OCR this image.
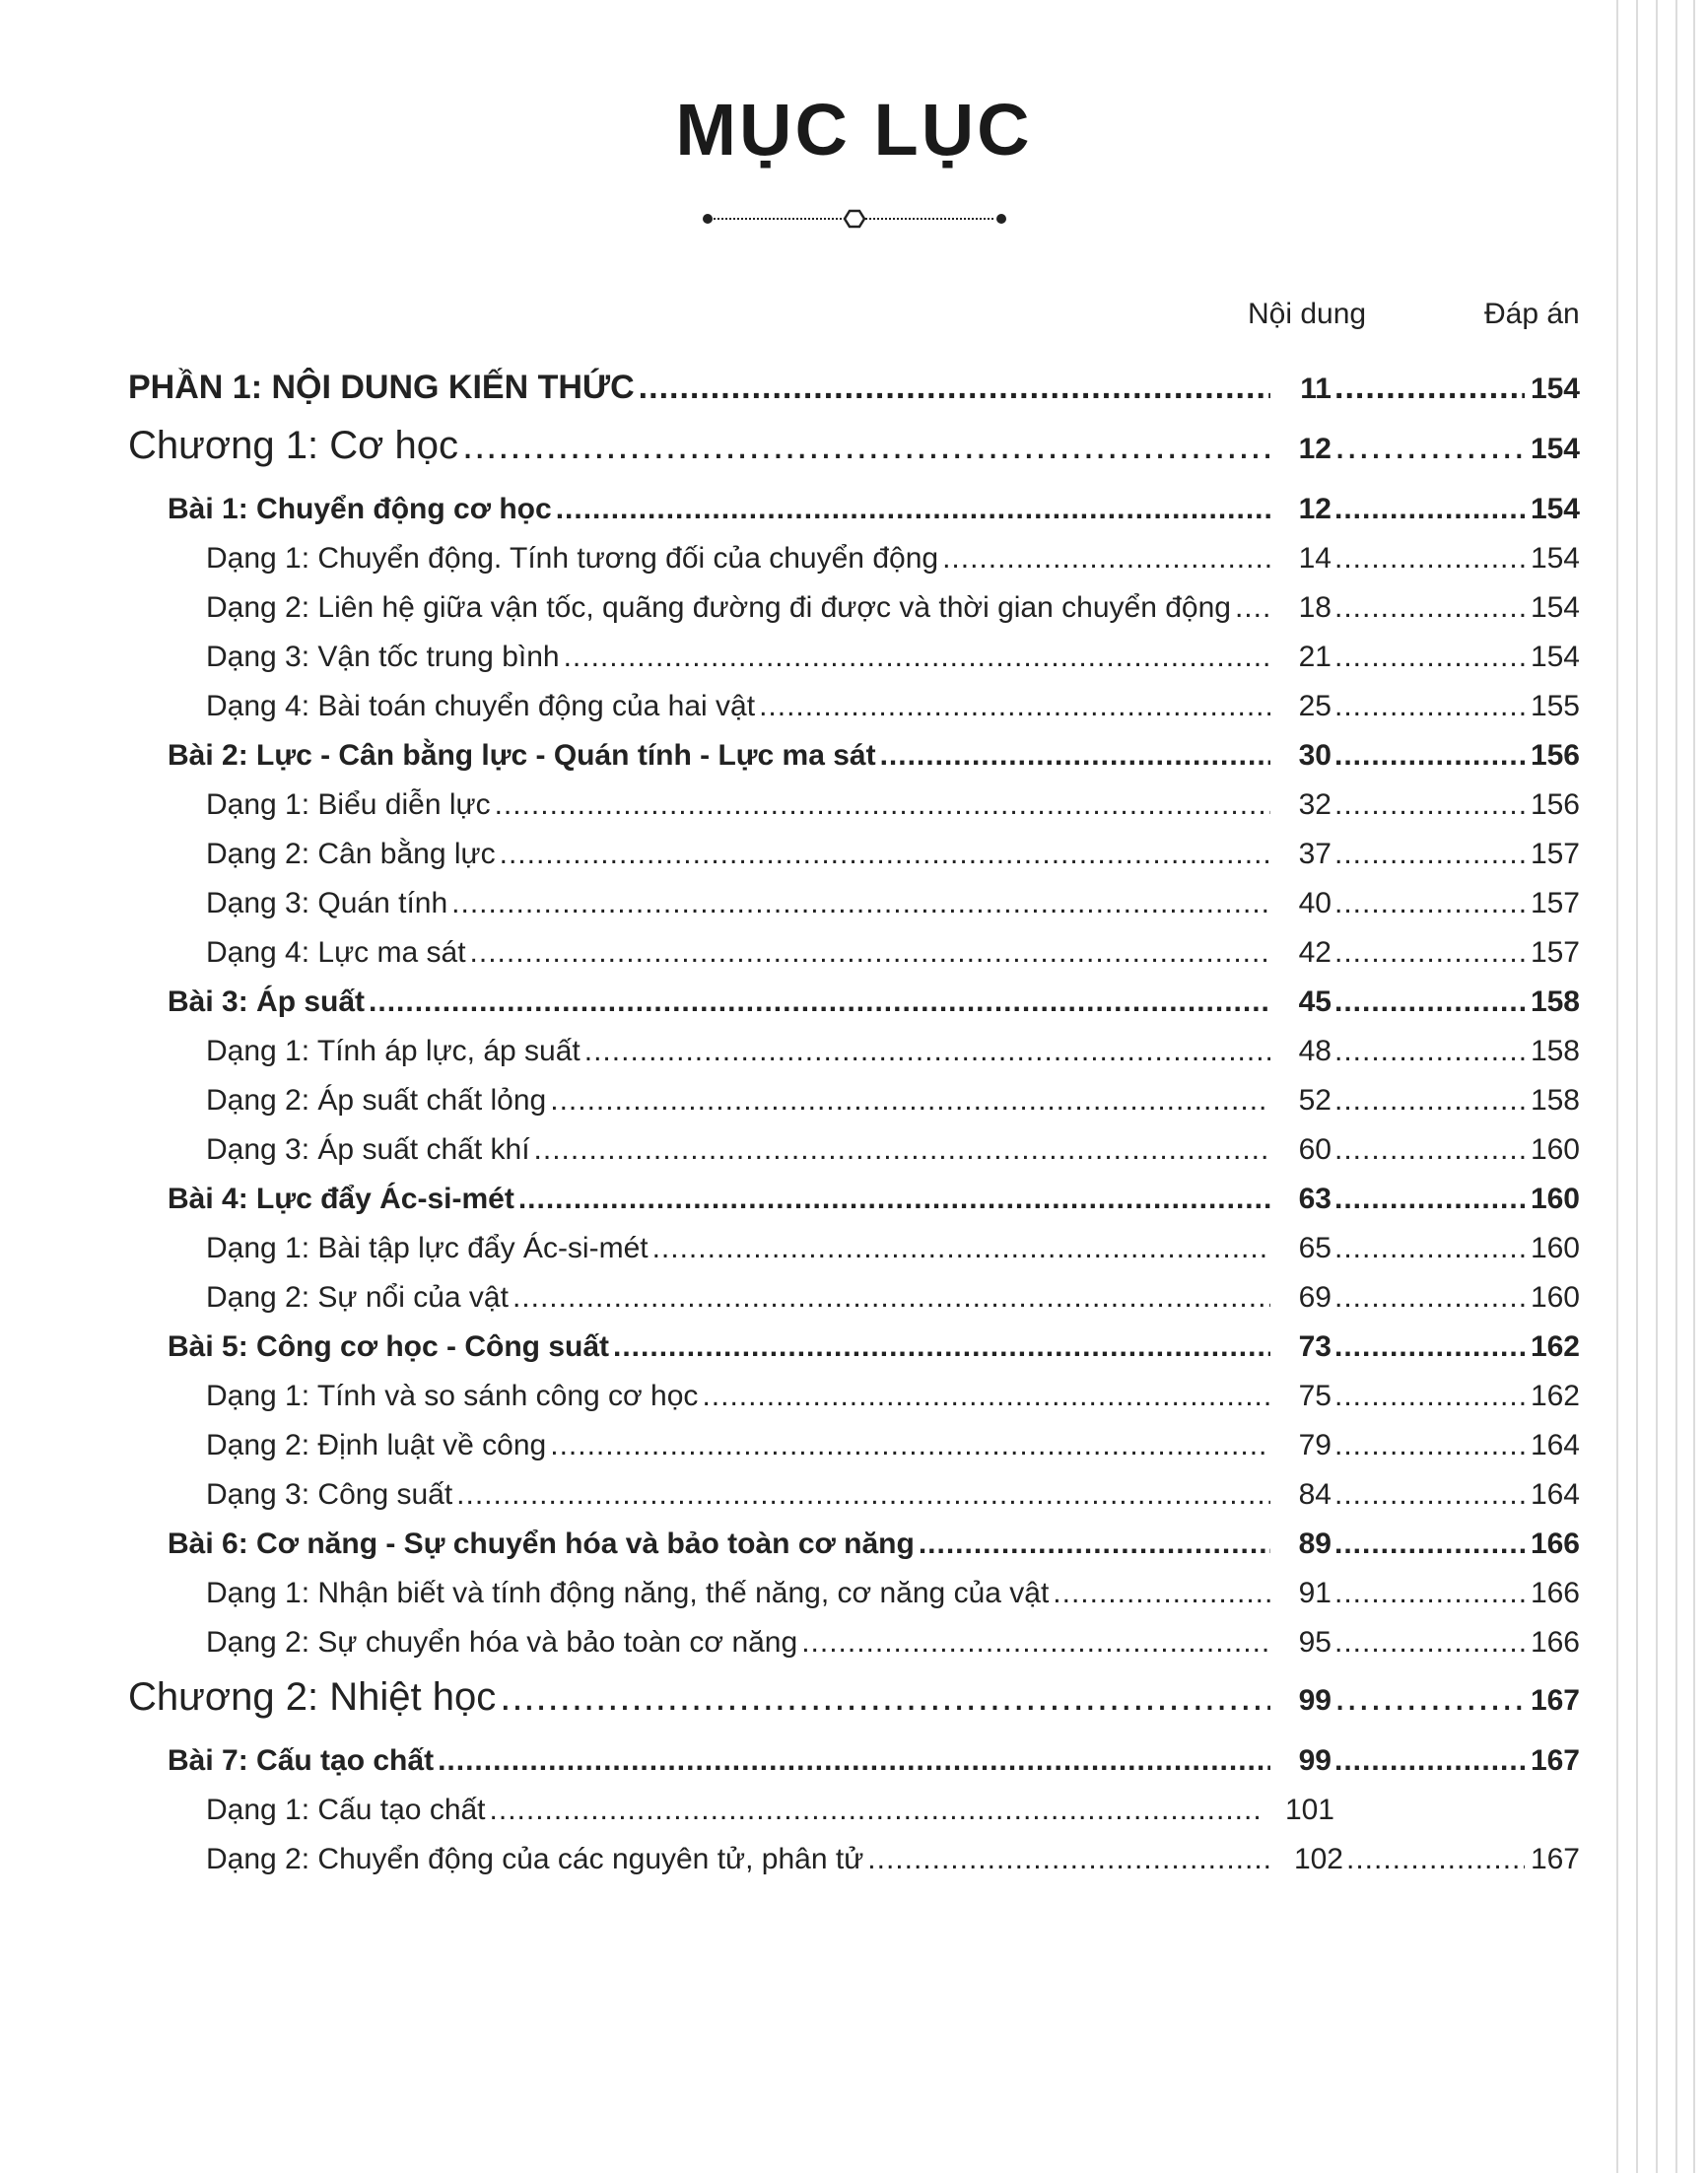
MỤC LỤC
Nội dung	Đáp án
PHẦN 1: NỘI DUNG KIẾN THỨC .....	11 .....	154
Chương 1: Cơ học .....	12 .....	154
Bài 1: Chuyển động cơ học .....	12 .....	154
Dạng 1: Chuyển động. Tính tương đối của chuyển động .....	14 .....	154
Dạng 2: Liên hệ giữa vận tốc, quãng đường đi được và thời gian chuyển động .....	18 .....	154
Dạng 3: Vận tốc trung bình .....	21 .....	154
Dạng 4: Bài toán chuyển động của hai vật .....	25 .....	155
Bài 2: Lực - Cân bằng lực - Quán tính - Lực ma sát .....	30 .....	156
Dạng 1: Biểu diễn lực .....	32 .....	156
Dạng 2: Cân bằng lực .....	37 .....	157
Dạng 3: Quán tính .....	40 .....	157
Dạng 4: Lực ma sát .....	42 .....	157
Bài 3: Áp suất .....	45 .....	158
Dạng 1: Tính áp lực, áp suất .....	48 .....	158
Dạng 2: Áp suất chất lỏng .....	52 .....	158
Dạng 3: Áp suất chất khí .....	60 .....	160
Bài 4: Lực đẩy Ác-si-mét .....	63 .....	160
Dạng 1: Bài tập lực đẩy Ác-si-mét .....	65 .....	160
Dạng 2: Sự nổi của vật .....	69 .....	160
Bài 5: Công cơ học - Công suất .....	73 .....	162
Dạng 1: Tính và so sánh công cơ học .....	75 .....	162
Dạng 2: Định luật về công .....	79 .....	164
Dạng 3: Công suất .....	84 .....	164
Bài 6: Cơ năng - Sự chuyển hóa và bảo toàn cơ năng .....	89 .....	166
Dạng 1: Nhận biết và tính động năng, thế năng, cơ năng của vật .....	91 .....	166
Dạng 2: Sự chuyển hóa và bảo toàn cơ năng .....	95 .....	166
Chương 2: Nhiệt học .....	99 .....	167
Bài 7: Cấu tạo chất .....	99 .....	167
Dạng 1: Cấu tạo chất .....	101
Dạng 2: Chuyển động của các nguyên tử, phân tử .....	102 .....	167
